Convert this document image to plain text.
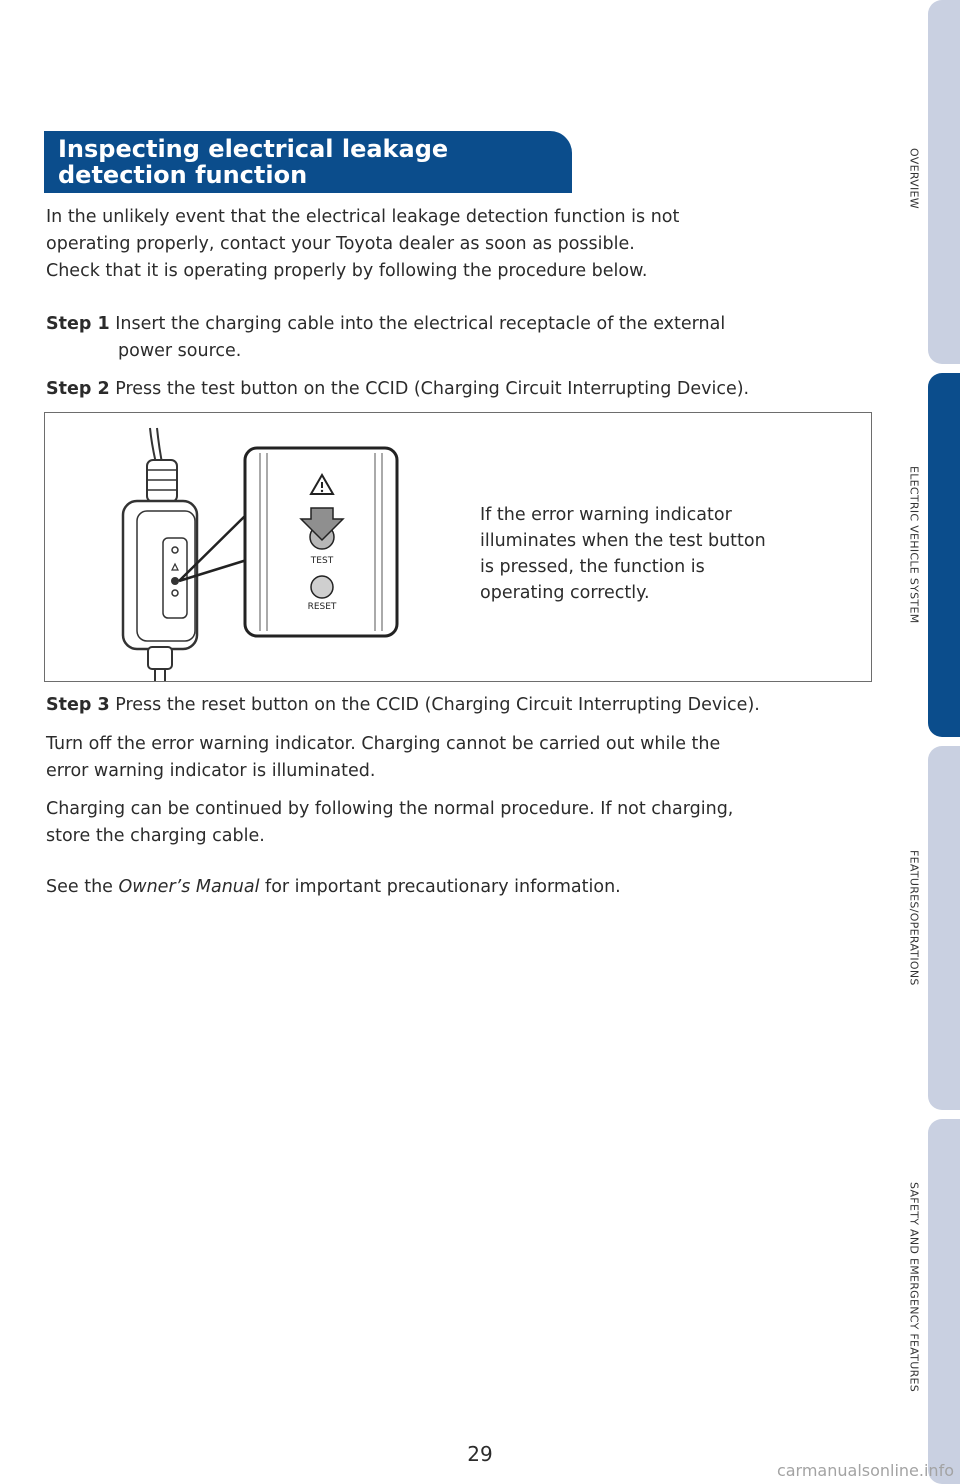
Inspecting electrical leakage
detection function
In the unlikely event that the electrical leakage detection function is not
operating properly, contact your Toyota dealer as soon as possible.
Check that it is operating properly by following the procedure below.
Step 1 Insert the charging cable into the electrical receptacle of the external
power source.
Step 2 Press the test button on the CCID (Charging Circuit Interrupting Device).
TEST
RESET
If the error warning indicator
illuminates when the test button
is pressed, the function is
operating correctly.
Step 3 Press the reset button on the CCID (Charging Circuit Interrupting Device).
Turn off the error warning indicator. Charging cannot be carried out while the
error warning indicator is illuminated.
Charging can be continued by following the normal procedure. If not charging,
store the charging cable.
See the Owner’s Manual for important precautionary information.
OVERVIEW
ELECTRIC VEHICLE SYSTEM
FEATURES/OPERATIONS
SAFETY AND EMERGENCY FEATURES
29
carmanualsonline.info
